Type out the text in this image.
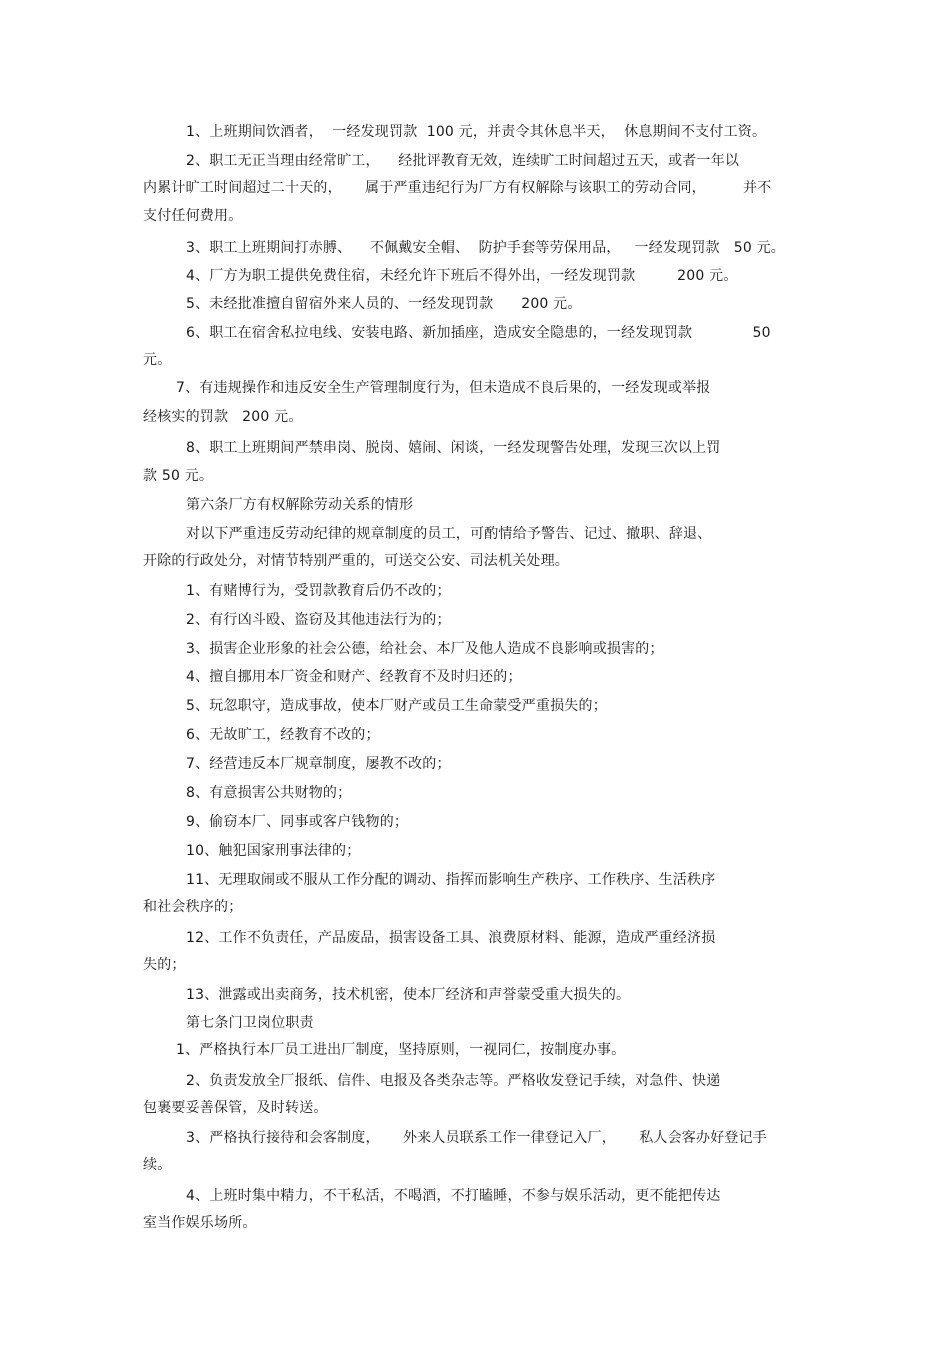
1、上班期间饮酒者，  一经发现罚款  100 元，并责令其休息半天，  休息期间不支付工资。
2、职工无正当理由经常旷工，    经批评教育无效，连续旷工时间超过五天，或者一年以
内累计旷工时间超过二十天的，     属于严重违纪行为厂方有权解除与该职工的劳动合同，        并不
支付任何费用。
3、职工上班期间打赤膊、    不佩戴安全帽、  防护手套等劳保用品，   一经发现罚款   50 元。
4、厂方为职工提供免费住宿，未经允许下班后不得外出，一经发现罚款         200 元。
5、未经批准擅自留宿外来人员的、一经发现罚款      200 元。
6、职工在宿舍私拉电线、安装电路、新加插座，造成安全隐患的，一经发现罚款             50
元。
7、有违规操作和违反安全生产管理制度行为，但未造成不良后果的，一经发现或举报
经核实的罚款   200 元。
8、职工上班期间严禁串岗、脱岗、嬉闹、闲谈，一经发现警告处理，发现三次以上罚
款 50 元。
第六条厂方有权解除劳动关系的情形
对以下严重违反劳动纪律的规章制度的员工，可酌情给予警告、记过、撤职、辞退、
开除的行政处分，对情节特别严重的，可送交公安、司法机关处理。
1、有赌博行为，受罚款教育后仍不改的；
2、有行凶斗殴、盗窃及其他违法行为的；
3、损害企业形象的社会公德，给社会、本厂及他人造成不良影响或损害的；
4、擅自挪用本厂资金和财产、经教育不及时归还的；
5、玩忽职守，造成事故，使本厂财产或员工生命蒙受严重损失的；
6、无故旷工，经教育不改的；
7、经营违反本厂规章制度，屡教不改的；
8、有意损害公共财物的；
9、偷窃本厂、同事或客户钱物的；
10、触犯国家刑事法律的；
11、无理取闹或不服从工作分配的调动、指挥而影响生产秩序、工作秩序、生活秩序
和社会秩序的；
12、工作不负责任，产品废品，损害设备工具、浪费原材料、能源，造成严重经济损
失的；
13、泄露或出卖商务，技术机密，使本厂经济和声誉蒙受重大损失的。
第七条门卫岗位职责
1、严格执行本厂员工进出厂制度，坚持原则，一视同仁，按制度办事。
2、负责发放全厂报纸、信件、电报及各类杂志等。严格收发登记手续，对急件、快递
包裹要妥善保管，及时转送。
3、严格执行接待和会客制度，     外来人员联系工作一律登记入厂，     私人会客办好登记手
续。
4、上班时集中精力，不干私活，不喝酒，不打瞌睡，不参与娱乐活动，更不能把传达
室当作娱乐场所。
